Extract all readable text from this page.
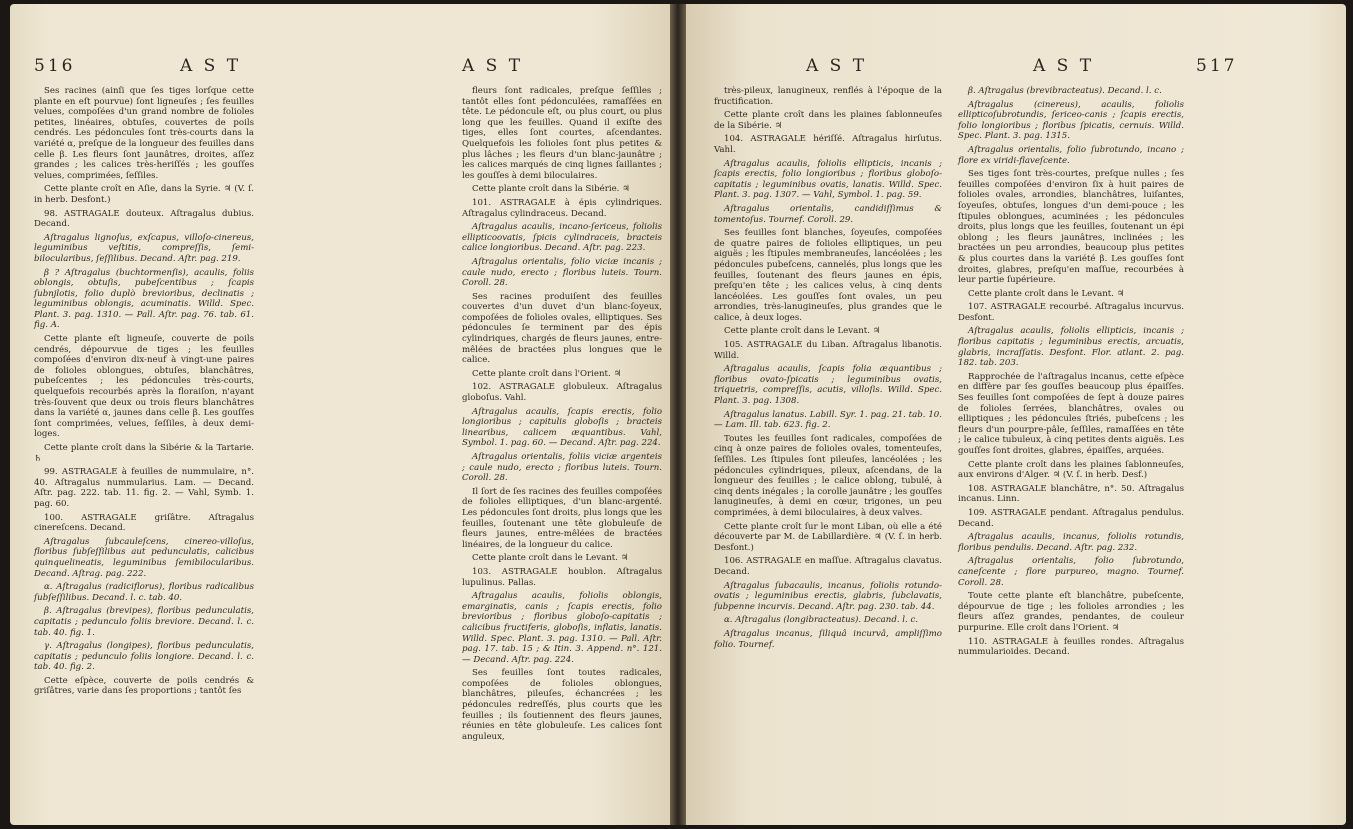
516	A S T	A S T

Ses racines (ainſi que ſes tiges lorſque cette plante en eſt pourvue) ſont ligneuſes ; ſes feuilles velues, compoſées d'un grand nombre de folioles petites, linéaires, obtuſes, couvertes de poils cendrés. Les pédoncules ſont très-courts dans la variété α, preſque de la longueur des feuilles dans celle β. Les fleurs ſont jaunâtres, droites, aſſez grandes ; les calices très-heriſſés ; les gouſſes velues, comprimées, ſeſſiles.

Cette plante croît en Aſie, dans la Syrie. ♃ (V. ſ. in herb. Desfont.)

98. ASTRAGALE douteux. Aſtragalus dubius. Decand.

Aſtragalus lignoſus, exſcapus, villoſo-cinereus, leguminibus veſtitis, compreſſis, ſemi-bilocularibus, ſeſſilibus. Decand. Aſtr. pag. 219.

β ? Aſtragalus (buchtormenſis), acaulis, foliis oblongis, obtuſis, pubeſcentibus ; ſcapis ſubnjlotis, folio duplò brevioribus, declinatis ; leguminibus oblongis, acuminatis. Willd. Spec. Plant. 3. pag. 1310. — Pall. Aſtr. pag. 76. tab. 61. fig. A.

Cette plante eſt ligneuſe, couverte de poils cendrés, dépourvue de tiges ; les feuilles compoſées d'environ dix-neuf à vingt-une paires de folioles oblongues, obtuſes, blanchâtres, pubeſcentes ; les pédoncules très-courts, quelquefois recourbés après la floraiſon, n'ayant très-ſouvent que deux ou trois fleurs blanchâtres dans la variété α, jaunes dans celle β. Les gouſſes ſont comprimées, velues, ſeſſiles, à deux demi-loges.

Cette plante croît dans la Sibérie & la Tartarie. ♄

99. ASTRAGALE à feuilles de nummulaire, n°. 40. Aſtragalus nummularius. Lam. — Decand. Aſtr. pag. 222. tab. 11. fig. 2. — Vahl, Symb. 1. pag. 60.

100. ASTRAGALE griſâtre. Aſtragalus cinereſcens. Decand.

Aſtragalus ſubcauleſcens, cinereo-villoſus, floribus ſubſeſſilibus aut pedunculatis, calicibus quinquelineatis, leguminibus ſemibilocularibus. Decand. Aſtrag. pag. 222.

α. Aſtragalus (radiciflorus), floribus radicalibus ſubſeſſilibus. Decand. l. c. tab. 40.

β. Aſtragalus (brevipes), floribus pedunculatis, capitatis ; pedunculo foliis breviore. Decand. l. c. tab. 40. fig. 1.

γ. Aſtragalus (longipes), floribus pedunculatis, capitatis ; pedunculo foliis longiore. Decand. l. c. tab. 40. fig. 2.

Cette eſpèce, couverte de poils cendrés & griſâtres, varie dans ſes proportions ; tantôt ſes

fleurs ſont radicales, preſque ſeſſiles ; tantôt elles ſont pédonculées, ramaſſées en tête. Le pédoncule eſt, ou plus court, ou plus long que les feuilles. Quand il exiſte des tiges, elles ſont courtes, aſcendantes. Quelquefois les folioles ſont plus petites & plus lâches ; les fleurs d'un blanc-jaunâtre ; les calices marqués de cinq lignes ſaillantes ; les gouſſes à demi biloculaires.

Cette plante croît dans la Sibérie. ♃

101. ASTRAGALE à épis cylindriques. Aſtragalus cylindraceus. Decand.

Aſtragalus acaulis, incano-ſericeus, foliolis ellipticoovatis, ſpicis cylindraceis, bracteis calice longioribus. Decand. Aſtr. pag. 223.

Aſtragalus orientalis, folio viciæ incanis ; caule nudo, erecto ; floribus luteis. Tourn. Coroll. 28.

Ses racines produiſent des feuilles couvertes d'un duvet d'un blanc-ſoyeux, compoſées de folioles ovales, elliptiques. Ses pédoncules ſe terminent par des épis cylindriques, chargés de fleurs jaunes, entre-mêlées de bractées plus longues que le calice.

Cette plante croît dans l'Orient. ♃

102. ASTRAGALE globuleux. Aſtragalus globoſus. Vahl.

Aſtragalus acaulis, ſcapis erectis, folio longioribus ; capitulis globoſis ; bracteis linearibus, calicem æquantibus. Vahl, Symbol. 1. pag. 60. — Decand. Aſtr. pag. 224.

Aſtragalus orientalis, foliis viciæ argenteis ; caule nudo, erecto ; floribus luteis. Tourn. Coroll. 28.

Il ſort de ſes racines des feuilles compoſées de folioles elliptiques, d'un blanc-argenté. Les pédoncules ſont droits, plus longs que les feuilles, ſoutenant une tête globuleuſe de fleurs jaunes, entre-mêlées de bractées linéaires, de la longueur du calice.

Cette plante croît dans le Levant. ♃

103. ASTRAGALE houblon. Aſtragalus lupulinus. Pallas.

Aſtragalus acaulis, foliolis oblongis, emarginatis, canis ; ſcapis erectis, folio brevioribus ; floribus globoſo-capitatis ; calicibus fructiferis, globoſis, inflatis, lanatis. Willd. Spec. Plant. 3. pag. 1310. — Pall. Aſtr. pag. 17. tab. 15 ; & Itin. 3. Append. n°. 121. — Decand. Aſtr. pag. 224.

Ses feuilles ſont toutes radicales, compoſées de folioles oblongues, blanchâtres, pileuſes, échancrées ; les pédoncules redreſſés, plus courts que les feuilles ; ils ſoutiennent des fleurs jaunes, réunies en tête globuleuſe. Les calices ſont anguleux,

A S T	A S T	517

très-pileux, lanugineux, renflés à l'époque de la fructification.

Cette plante croît dans les plaines ſablonneuſes de la Sibérie. ♃

104. ASTRAGALE hériſſé. Aſtragalus hirſutus. Vahl.

Aſtragalus acaulis, foliolis ellipticis, incanis ; ſcapis erectis, folio longioribus ; floribus globoſo-capitatis ; leguminibus ovatis, lanatis. Willd. Spec. Plant. 3. pag. 1307. — Vahl, Symbol. 1. pag. 59.

Aſtragalus orientalis, candidiſſimus & tomentoſus. Tournef. Coroll. 29.

Ses feuilles ſont blanches, ſoyeuſes, compoſées de quatre paires de folioles elliptiques, un peu aiguës ; les ſtipules membraneuſes, lancéolées ; les pédoncules pubeſcens, cannelés, plus longs que les feuilles, ſoutenant des fleurs jaunes en épis, preſqu'en tête ; les calices velus, à cinq dents lancéolées. Les gouſſes ſont ovales, un peu arrondies, très-lanugineuſes, plus grandes que le calice, à deux loges.

Cette plante croît dans le Levant. ♃

105. ASTRAGALE du Liban. Aſtragalus libanotis. Willd.

Aſtragalus acaulis, ſcapis folia æquantibus ; floribus ovato-ſpicatis ; leguminibus ovatis, triquetris, compreſſis, acutis, villoſis. Willd. Spec. Plant. 3. pag. 1308.

Aſtragalus lanatus. Labill. Syr. 1. pag. 21. tab. 10. — Lam. Ill. tab. 623. fig. 2.

Toutes les feuilles ſont radicales, compoſées de cinq à onze paires de folioles ovales, tomenteuſes, ſeſſiles. Les ſtipules ſont pileuſes, lancéolées ; les pédoncules cylindriques, pileux, aſcendans, de la longueur des feuilles ; le calice oblong, tubulé, à cinq dents inégales ; la corolle jaunâtre ; les gouſſes lanugineuſes, à demi en cœur, trigones, un peu comprimées, à demi biloculaires, à deux valves.

Cette plante croît ſur le mont Liban, où elle a été découverte par M. de Labillardière. ♃ (V. ſ. in herb. Desfont.)

106. ASTRAGALE en maſſue. Aſtragalus clavatus. Decand.

Aſtragalus ſubacaulis, incanus, foliolis rotundo-ovatis ; leguminibus erectis, glabris, ſubclavatis, ſubpenne incurvis. Decand. Aſtr. pag. 230. tab. 44.

α. Aſtragalus (longibracteatus). Decand. l. c.

Aſtragalus incanus, ſiliquâ incurvâ, ampliſſimo folio. Tournef.

β. Aſtragalus (brevibracteatus). Decand. l. c.

Aſtragalus (cinereus), acaulis, foliolis ellipticoſubrotundis, ſericeo-canis ; ſcapis erectis, folio longioribus ; floribus ſpicatis, cernuis. Willd. Spec. Plant. 3. pag. 1315.

Aſtragalus orientalis, folio ſubrotundo, incano ; flore ex viridi-flaveſcente.

Ses tiges ſont très-courtes, preſque nulles ; ſes feuilles compoſées d'environ ſix à huit paires de folioles ovales, arrondies, blanchâtres, luiſantes, ſoyeuſes, obtuſes, longues d'un demi-pouce ; les ſtipules oblongues, acuminées ; les pédoncules droits, plus longs que les feuilles, ſoutenant un épi oblong ; les fleurs jaunâtres, inclinées ; les bractées un peu arrondies, beaucoup plus petites & plus courtes dans la variété β. Les gouſſes ſont droites, glabres, preſqu'en maſſue, recourbées à leur partie ſupérieure.

Cette plante croît dans le Levant. ♃

107. ASTRAGALE recourbé. Aſtragalus incurvus. Desfont.

Aſtragalus acaulis, foliolis ellipticis, incanis ; floribus capitatis ; leguminibus erectis, arcuatis, glabris, incraſſatis. Desfont. Flor. atlant. 2. pag. 182. tab. 203.

Rapprochée de l'aſtragalus incanus, cette eſpèce en diffère par ſes gouſſes beaucoup plus épaiſſes. Ses feuilles ſont compoſées de ſept à douze paires de folioles ſerrées, blanchâtres, ovales ou elliptiques ; les pédoncules ſtriés, pubeſcens ; les fleurs d'un pourpre-pâle, ſeſſiles, ramaſſées en tête ; le calice tubuleux, à cinq petites dents aiguës. Les gouſſes ſont droites, glabres, épaiſſes, arquées.

Cette plante croît dans les plaines ſablonneuſes, aux environs d'Alger. ♃ (V. ſ. in herb. Desf.)

108. ASTRAGALE blanchâtre, n°. 50. Aſtragalus incanus. Linn.

109. ASTRAGALE pendant. Aſtragalus pendulus. Decand.

Aſtragalus acaulis, incanus, foliolis rotundis, floribus pendulis. Decand. Aſtr. pag. 232.

Aſtragalus orientalis, folio ſubrotundo, caneſcente ; flore purpureo, magno. Tournef. Coroll. 28.

Toute cette plante eſt blanchâtre, pubeſcente, dépourvue de tige ; les folioles arrondies ; les fleurs aſſez grandes, pendantes, de couleur purpurine. Elle croît dans l'Orient. ♃

110. ASTRAGALE à feuilles rondes. Aſtragalus nummularioides. Decand.
